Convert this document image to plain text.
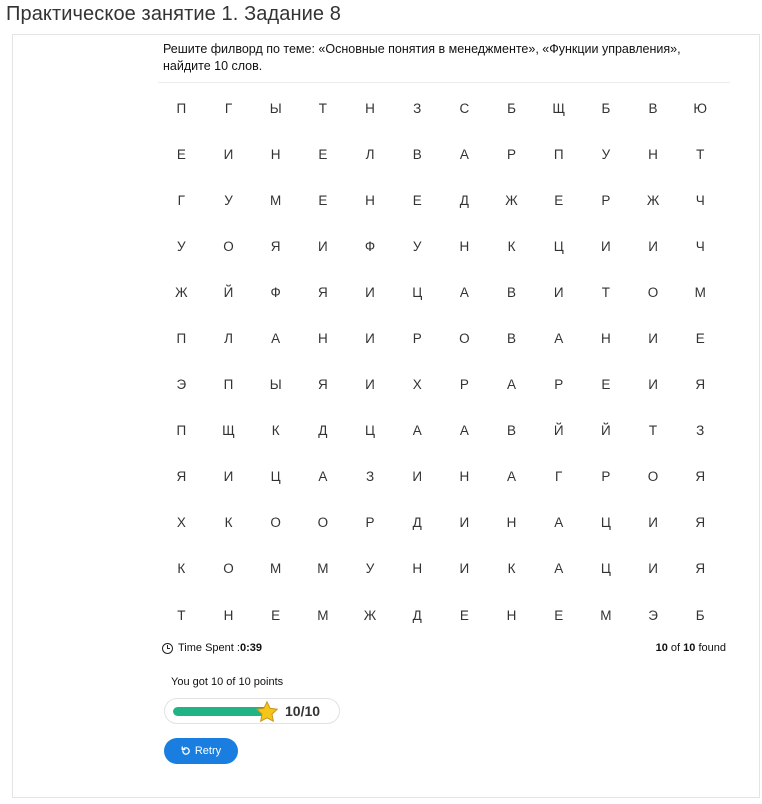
Практическое занятие 1. Задание 8
Решите филворд по теме: «Основные понятия в менеджменте», «Функции управления», найдите 10 слов.
П	Г	Ы	Т	Н	З	С	Б	Щ	Б	В	Ю
Е	И	Н	Е	Л	В	А	Р	П	У	Н	Т
Г	У	М	Е	Н	Е	Д	Ж	Е	Р	Ж	Ч
У	О	Я	И	Ф	У	Н	К	Ц	И	И	Ч
Ж	Й	Ф	Я	И	Ц	А	В	И	Т	О	М
П	Л	А	Н	И	Р	О	В	А	Н	И	Е
Э	П	Ы	Я	И	Х	Р	А	Р	Е	И	Я
П	Щ	К	Д	Ц	А	А	В	Й	Й	Т	З
Я	И	Ц	А	З	И	Н	А	Г	Р	О	Я
Х	К	О	О	Р	Д	И	Н	А	Ц	И	Я
К	О	М	М	У	Н	И	К	А	Ц	И	Я
Т	Н	Е	М	Ж	Д	Е	Н	Е	М	Э	Б
Time Spent : 0:39	10 of 10 found
You got 10 of 10 points
10/10
Retry
